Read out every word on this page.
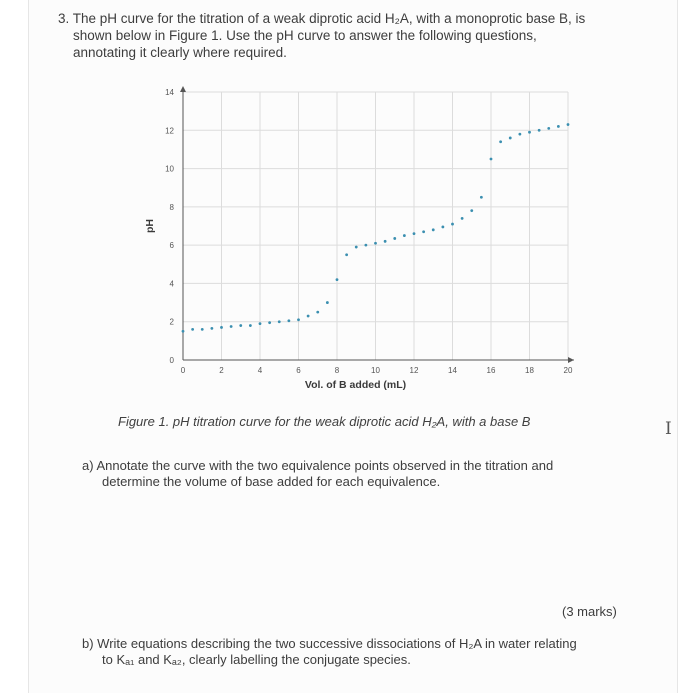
3. The pH curve for the titration of a weak diprotic acid H₂A, with a monoprotic base B, is
shown below in Figure 1. Use the pH curve to answer the following questions,
annotating it clearly where required.
0	2	4	6	8	10	12	14	16	18	20
0
2
4
6
8
10
12
14
Vol. of B added (mL)
pH
Figure 1. pH titration curve for the weak diprotic acid H₂A, with a base B	I
a) Annotate the curve with the two equivalence points observed in the titration and
determine the volume of base added for each equivalence.
(3 marks)
b) Write equations describing the two successive dissociations of H₂A in water relating
to Kₐ₁ and Kₐ₂, clearly labelling the conjugate species.
